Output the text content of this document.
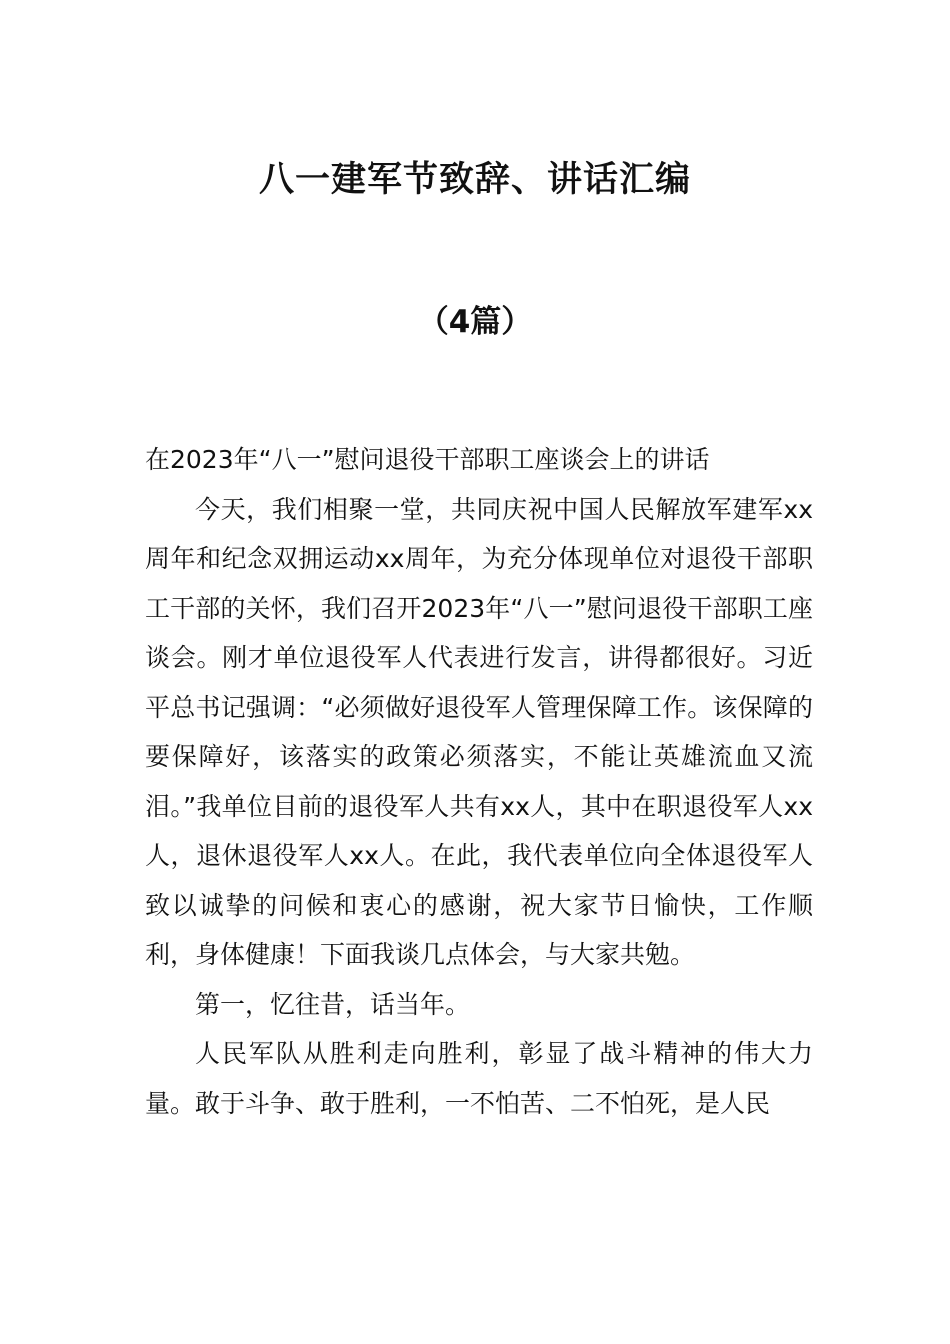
八一建军节致辞、讲话汇编
（4篇）

在2023年“八一”慰问退役干部职工座谈会上的讲话

今天，我们相聚一堂，共同庆祝中国人民解放军建军xx周年和纪念双拥运动xx周年，为充分体现单位对退役干部职工干部的关怀，我们召开2023年“八一”慰问退役干部职工座谈会。刚才单位退役军人代表进行发言，讲得都很好。习近平总书记强调：“必须做好退役军人管理保障工作。该保障的要保障好，该落实的政策必须落实，不能让英雄流血又流泪。”我单位目前的退役军人共有xx人，其中在职退役军人xx人，退休退役军人xx人。在此，我代表单位向全体退役军人致以诚挚的问候和衷心的感谢，祝大家节日愉快，工作顺利，身体健康！下面我谈几点体会，与大家共勉。

第一，忆往昔，话当年。

人民军队从胜利走向胜利，彰显了战斗精神的伟大力量。敢于斗争、敢于胜利，一不怕苦、二不怕死，是人民
